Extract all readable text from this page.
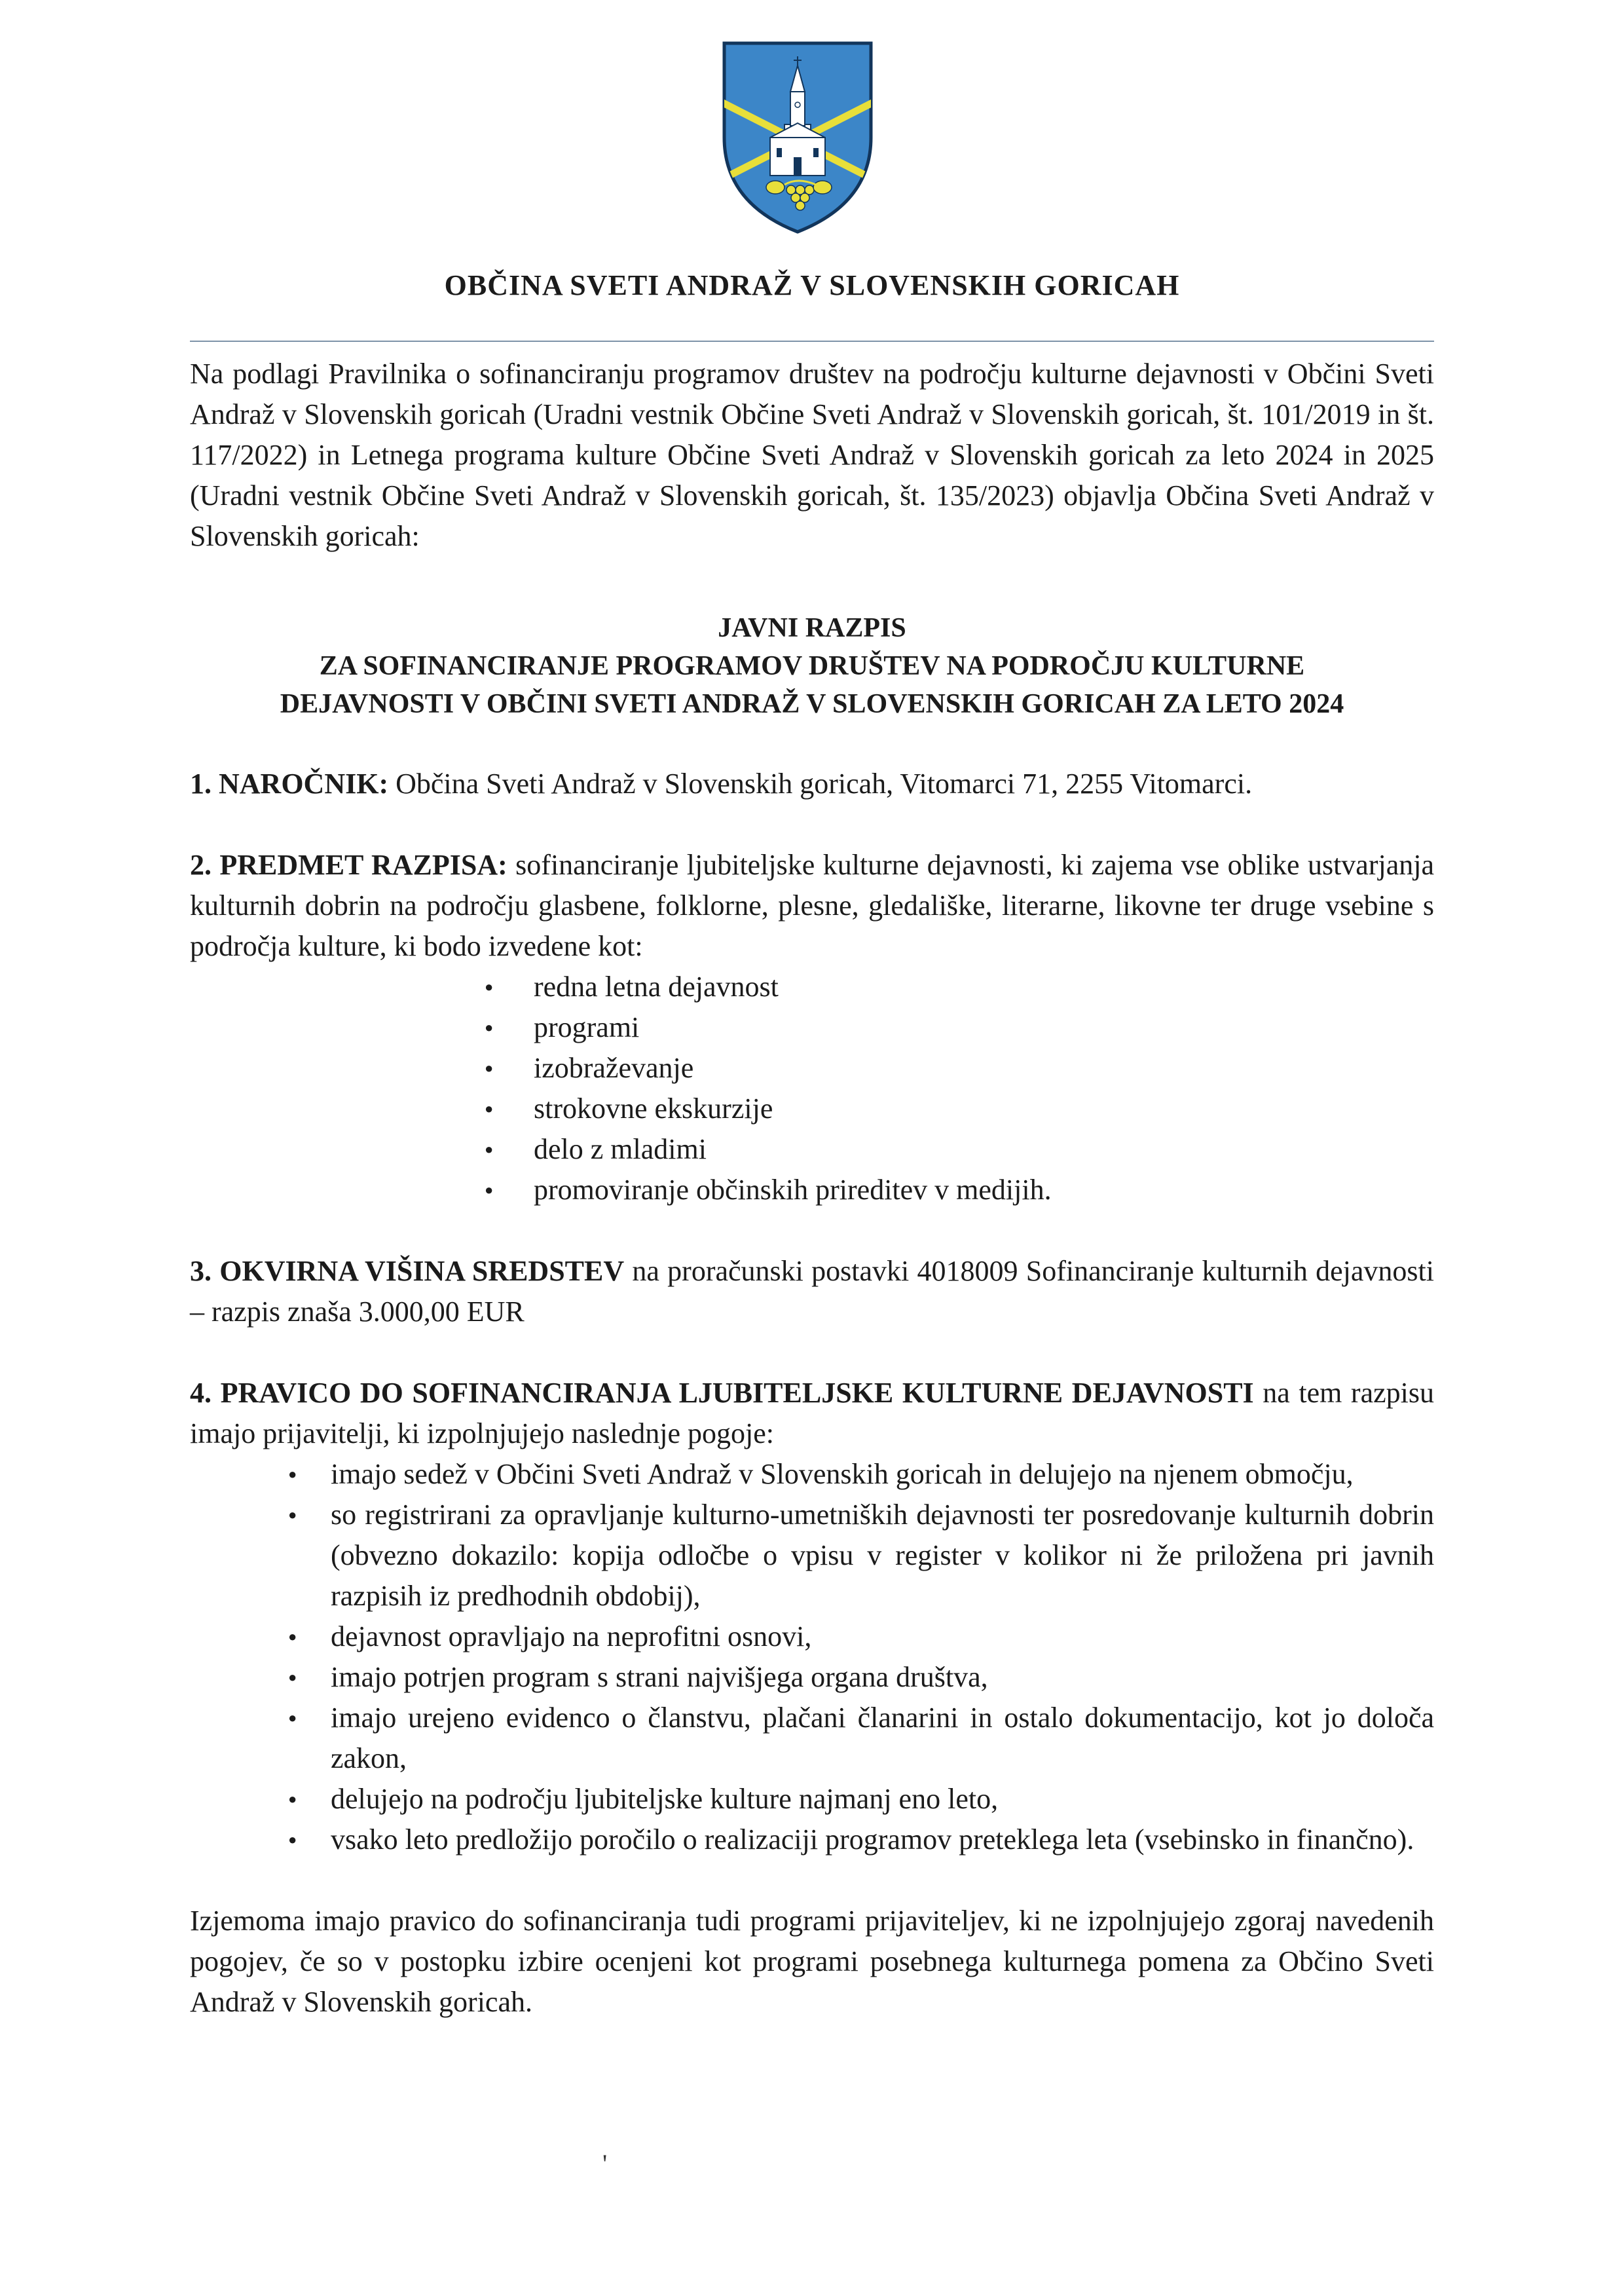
OBČINA SVETI ANDRAŽ V SLOVENSKIH GORICAH

Na podlagi Pravilnika o sofinanciranju programov društev na področju kulturne dejavnosti v Občini Sveti Andraž v Slovenskih goricah (Uradni vestnik Občine Sveti Andraž v Slovenskih goricah, št. 101/2019 in št. 117/2022) in Letnega programa kulture Občine Sveti Andraž v Slovenskih goricah za leto 2024 in 2025 (Uradni vestnik Občine Sveti Andraž v Slovenskih goricah, št. 135/2023) objavlja Občina Sveti Andraž v Slovenskih goricah:

JAVNI RAZPIS
ZA SOFINANCIRANJE PROGRAMOV DRUŠTEV NA PODROČJU KULTURNE
DEJAVNOSTI V OBČINI SVETI ANDRAŽ V SLOVENSKIH GORICAH ZA LETO 2024

1. NAROČNIK: Občina Sveti Andraž v Slovenskih goricah, Vitomarci 71, 2255 Vitomarci.

2. PREDMET RAZPISA: sofinanciranje ljubiteljske kulturne dejavnosti, ki zajema vse oblike ustvarjanja kulturnih dobrin na področju glasbene, folklorne, plesne, gledališke, literarne, likovne ter druge vsebine s področja kulture, ki bodo izvedene kot:

● redna letna dejavnost
● programi
● izobraževanje
● strokovne ekskurzije
● delo z mladimi
● promoviranje občinskih prireditev v medijih.

3. OKVIRNA VIŠINA SREDSTEV na proračunski postavki 4018009 Sofinanciranje kulturnih dejavnosti – razpis znaša 3.000,00 EUR

4. PRAVICO DO SOFINANCIRANJA LJUBITELJSKE KULTURNE DEJAVNOSTI na tem razpisu imajo prijavitelji, ki izpolnjujejo naslednje pogoje:

● imajo sedež v Občini Sveti Andraž v Slovenskih goricah in delujejo na njenem območju,
● so registrirani za opravljanje kulturno-umetniških dejavnosti ter posredovanje kulturnih dobrin (obvezno dokazilo: kopija odločbe o vpisu v register v kolikor ni že priložena pri javnih razpisih iz predhodnih obdobij),
● dejavnost opravljajo na neprofitni osnovi,
● imajo potrjen program s strani najvišjega organa društva,
● imajo urejeno evidenco o članstvu, plačani članarini in ostalo dokumentacijo, kot jo določa zakon,
● delujejo na področju ljubiteljske kulture najmanj eno leto,
● vsako leto predložijo poročilo o realizaciji programov preteklega leta (vsebinsko in finančno).

Izjemoma imajo pravico do sofinanciranja tudi programi prijaviteljev, ki ne izpolnjujejo zgoraj navedenih pogojev, če so v postopku izbire ocenjeni kot programi posebnega kulturnega pomena za Občino Sveti Andraž v Slovenskih goricah.

'
